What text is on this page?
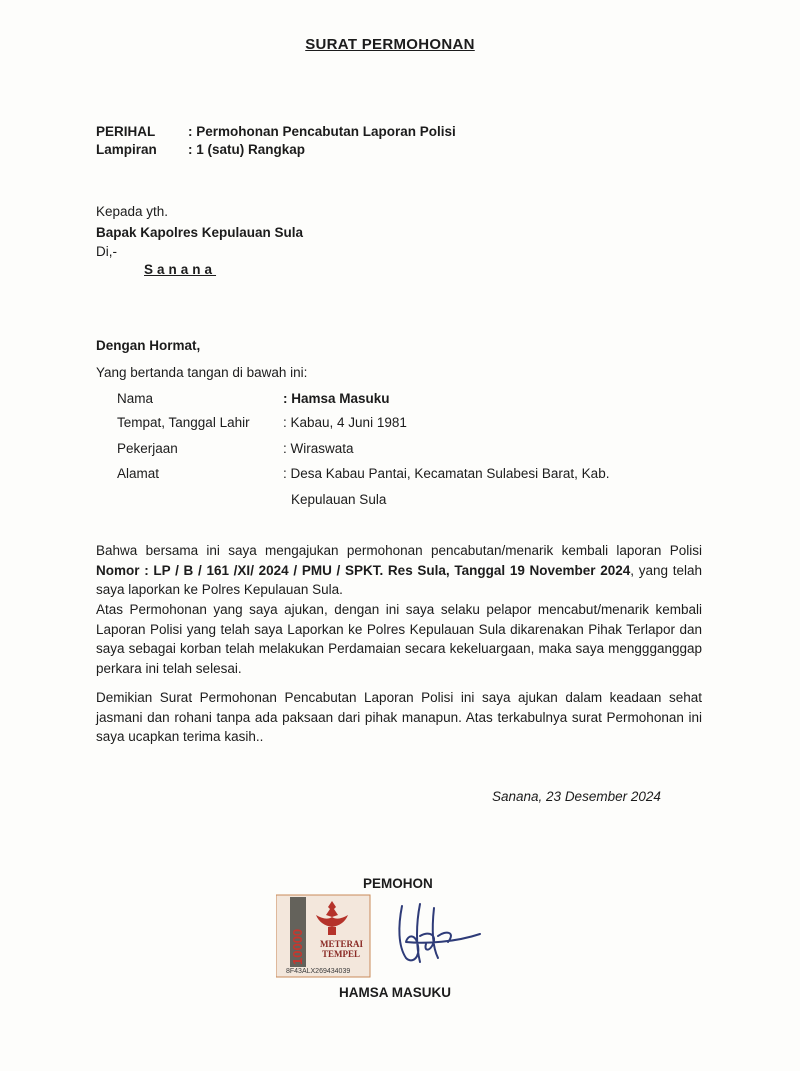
SURAT PERMOHONAN
PERIHAL : Permohonan Pencabutan Laporan Polisi
Lampiran : 1 (satu) Rangkap
Kepada yth.
Bapak Kapolres Kepulauan Sula
Di,-
Sanana
Dengan Hormat,
Yang bertanda tangan di bawah ini:
Nama	: Hamsa Masuku
Tempat, Tanggal Lahir : Kabau, 4 Juni 1981
Pekerjaan	: Wiraswata
Alamat	: Desa Kabau Pantai, Kecamatan Sulabesi Barat, Kab.
Kepulauan Sula

Bahwa bersama ini saya mengajukan permohonan pencabutan/menarik kembali laporan Polisi Nomor : LP / B / 161 /XI/ 2024 / PMU / SPKT. Res Sula, Tanggal 19 November 2024, yang telah saya laporkan ke Polres Kepulauan Sula.

Atas Permohonan yang saya ajukan, dengan ini saya selaku pelapor mencabut/menarik kembali Laporan Polisi yang telah saya Laporkan ke Polres Kepulauan Sula dikarenakan Pihak Terlapor dan saya sebagai korban telah melakukan Perdamaian secara kekeluargaan, maka saya menggganggap perkara ini telah selesai.

Demikian Surat Permohonan Pencabutan Laporan Polisi ini saya ajukan dalam keadaan sehat jasmani dan rohani tanpa ada paksaan dari pihak manapun. Atas terkabulnya surat Permohonan ini saya ucapkan terima kasih..

Sanana, 23 Desember 2024
PEMOHON
10000 METERAI
TEMPEL
8F43ALX269434039
HAMSA MASUKU
